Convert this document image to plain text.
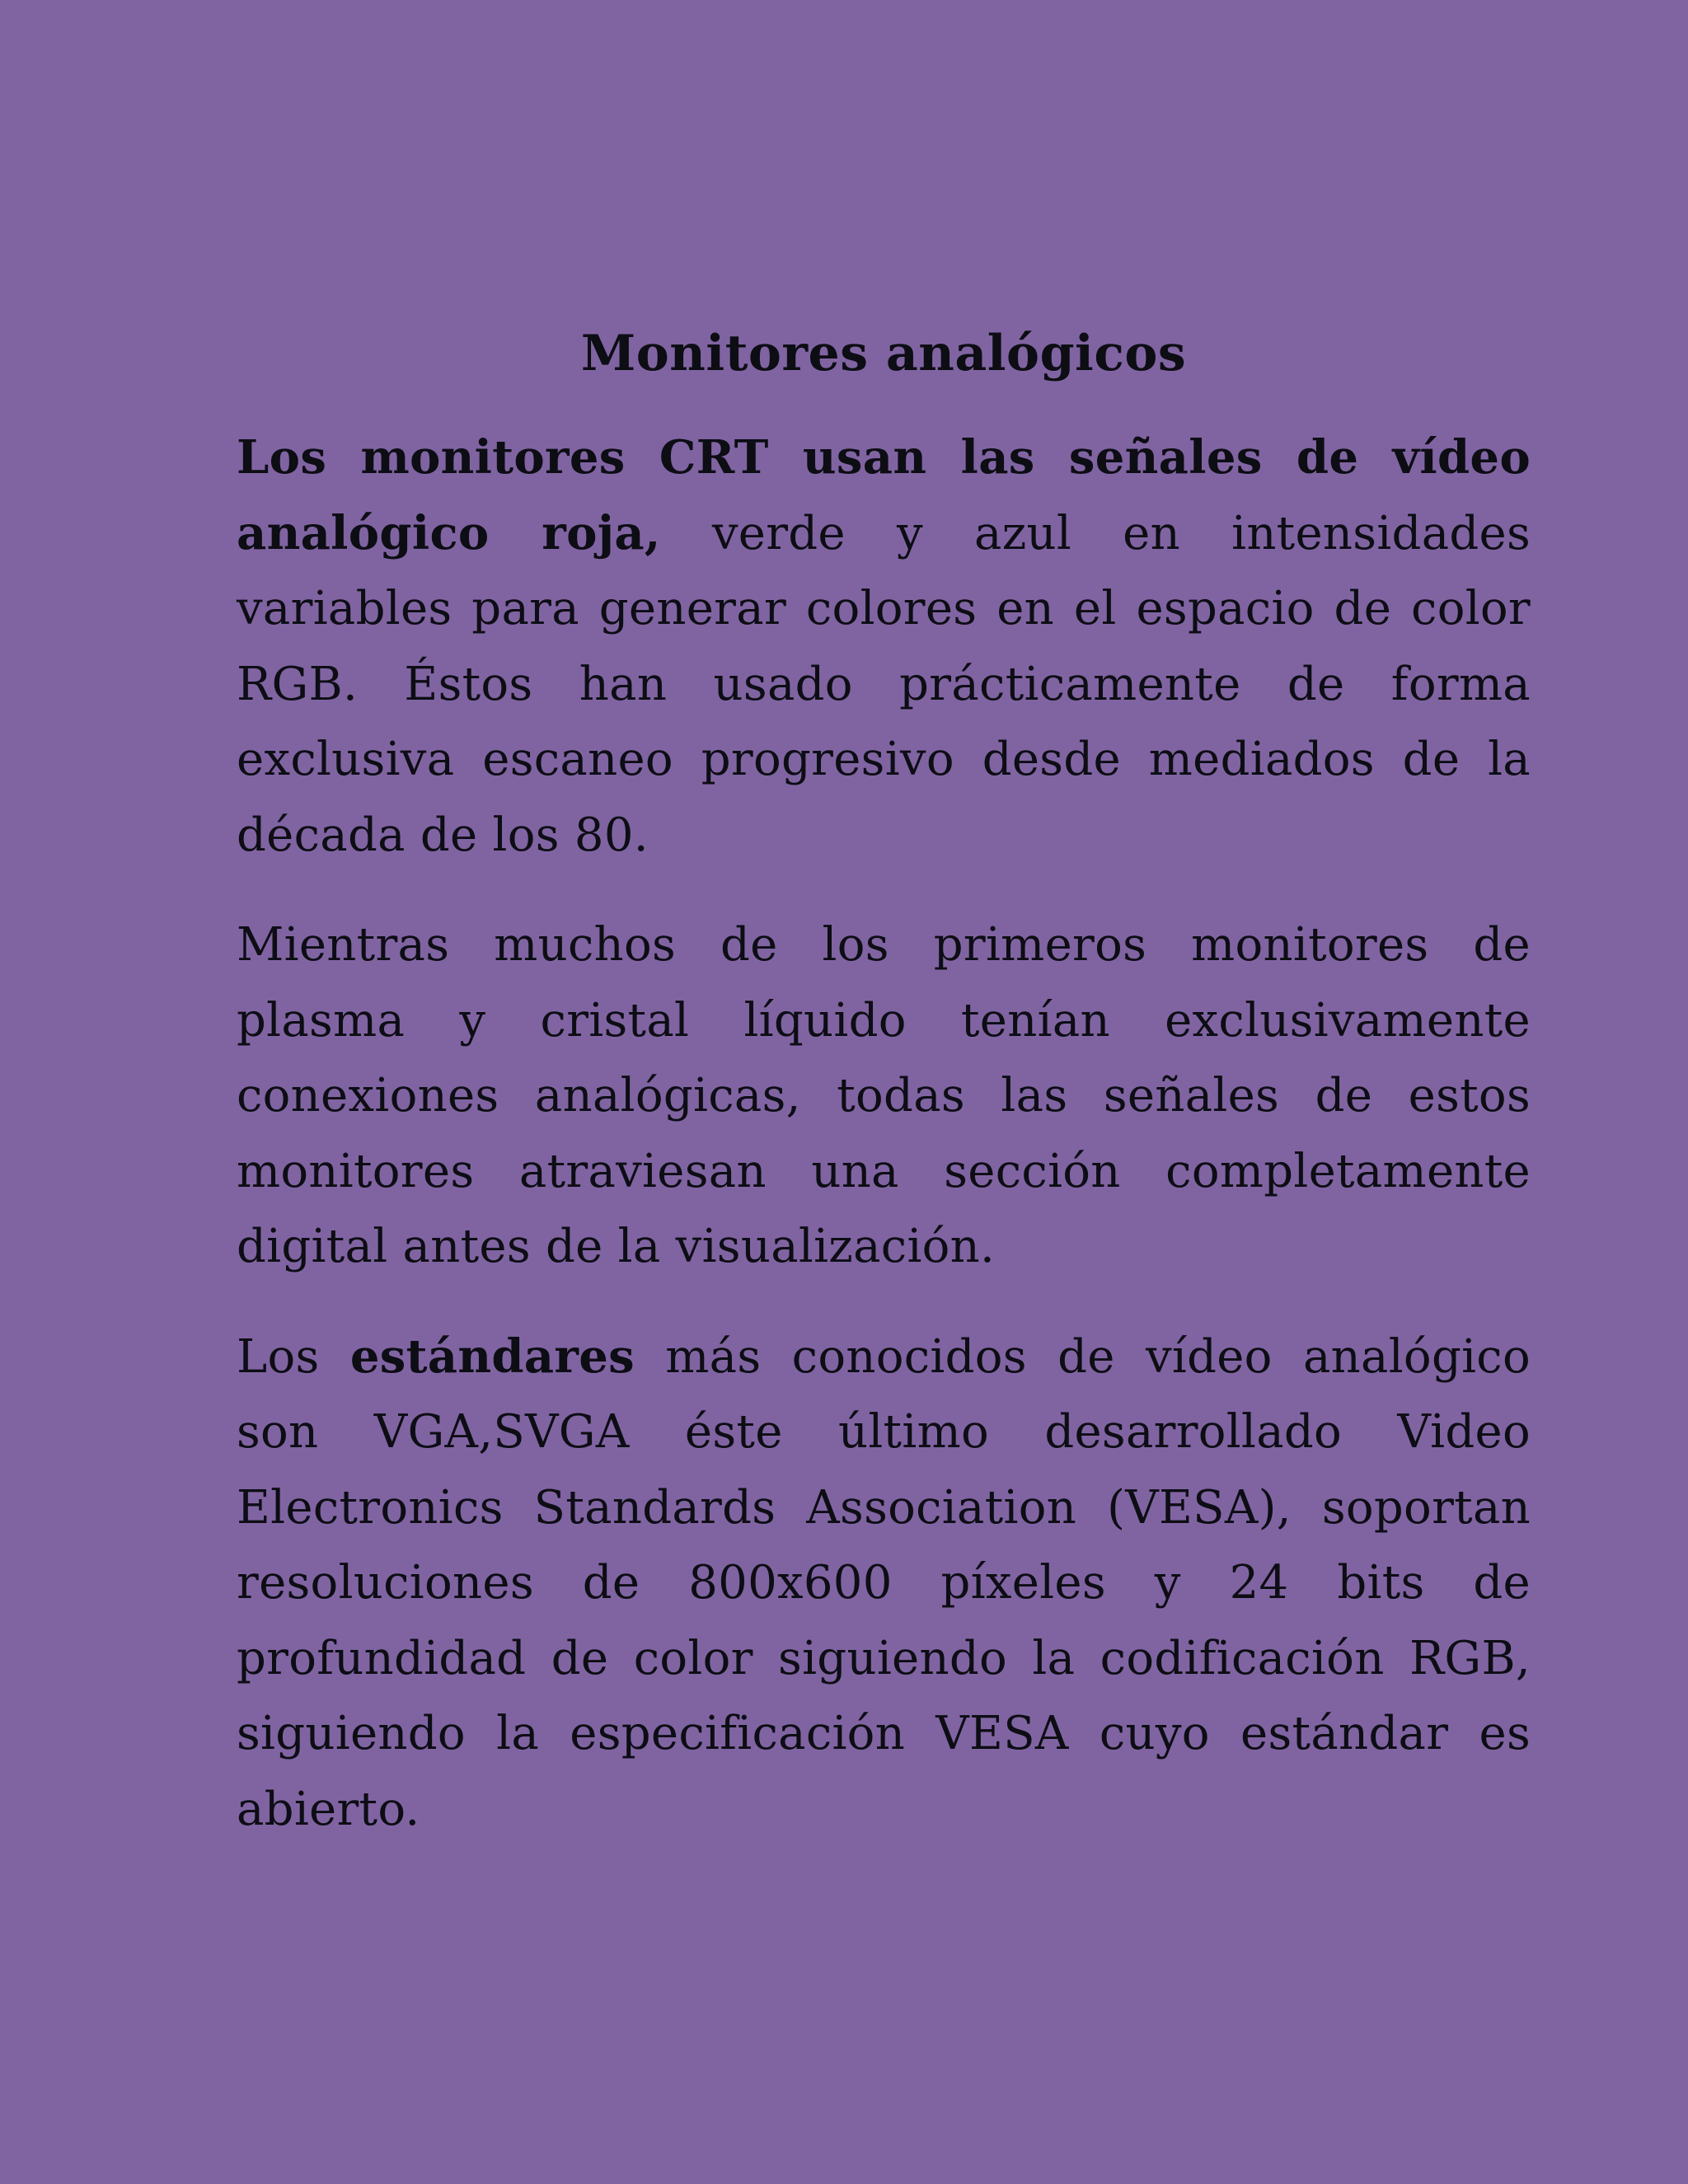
Monitores analógicos

Los monitores CRT usan las señales de vídeo analógico roja, verde y azul en intensidades variables para generar colores en el espacio de color RGB. Éstos han usado prácticamente de forma exclusiva escaneo progresivo desde mediados de la década de los 80.

Mientras muchos de los primeros monitores de plasma y cristal líquido tenían exclusivamente conexiones analógicas, todas las señales de estos monitores atraviesan una sección completamente digital antes de la visualización.

Los estándares más conocidos de vídeo analógico son VGA,SVGA éste último desarrollado Video Electronics Standards Association (VESA), soportan resoluciones de 800x600 píxeles y 24 bits de profundidad de color siguiendo la codificación RGB, siguiendo la especificación VESA cuyo estándar es abierto.
